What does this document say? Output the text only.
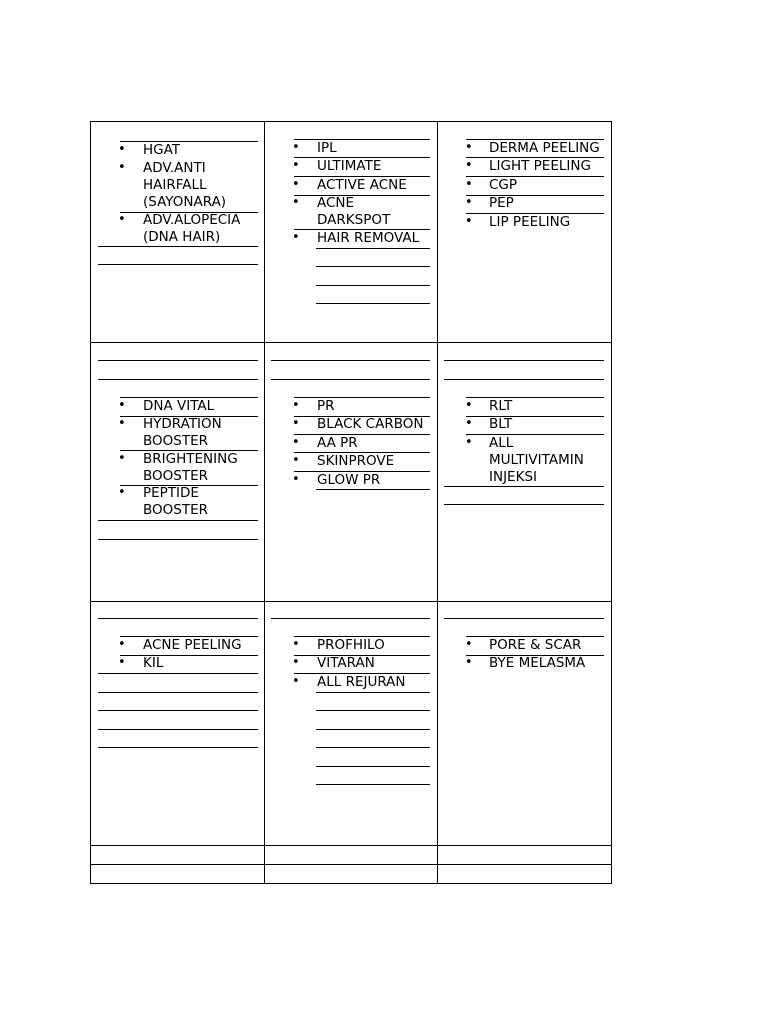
• HGAT
• ADV.ANTI
HAIRFALL
(SAYONARA)
• ADV.ALOPECIA
(DNA HAIR)
• IPL
• ULTIMATE
• ACTIVE ACNE
• ACNE
DARKSPOT
• HAIR REMOVAL
• DERMA PEELING
• LIGHT PEELING
• CGP
• PEP
• LIP PEELING
• DNA VITAL
• HYDRATION
BOOSTER
• BRIGHTENING
BOOSTER
• PEPTIDE
BOOSTER
• PR
• BLACK CARBON
• AA PR
• SKINPROVE
• GLOW PR
• RLT
• BLT
• ALL
MULTIVITAMIN
INJEKSI
• ACNE PEELING
• KIL
• PROFHILO
• VITARAN
• ALL REJURAN
• PORE & SCAR
• BYE MELASMA
